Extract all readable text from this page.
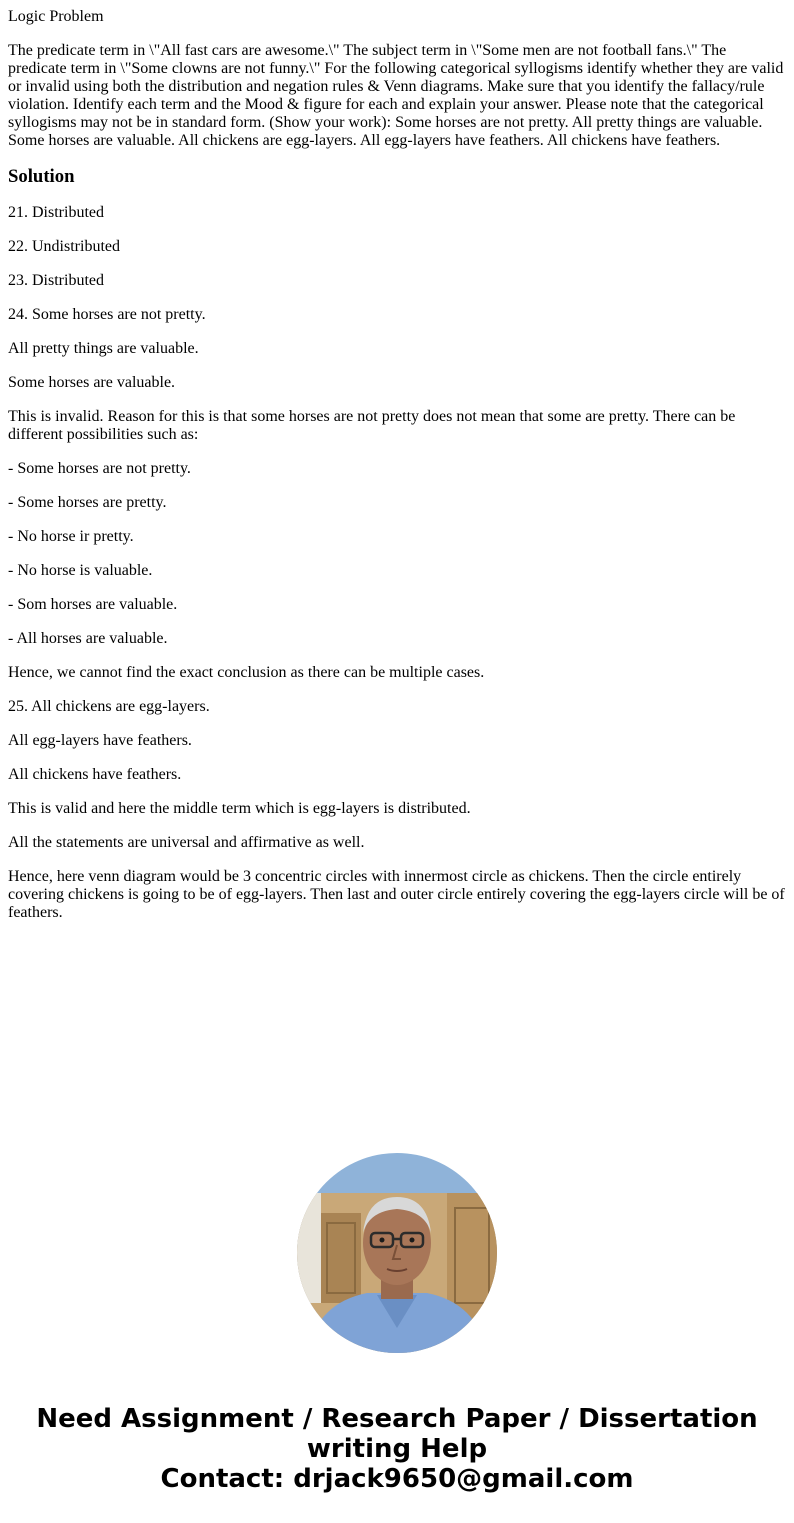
Logic Problem
The predicate term in \"All fast cars are awesome.\" The subject term in \"Some men are not football fans.\" The predicate term in \"Some clowns are not funny.\" For the following categorical syllogisms identify whether they are valid or invalid using both the distribution and negation rules & Venn diagrams. Make sure that you identify the fallacy/rule violation. Identify each term and the Mood & figure for each and explain your answer. Please note that the categorical syllogisms may not be in standard form. (Show your work): Some horses are not pretty. All pretty things are valuable. Some horses are valuable. All chickens are egg-layers. All egg-layers have feathers. All chickens have feathers.
Solution
21. Distributed
22. Undistributed
23. Distributed
24. Some horses are not pretty.
All pretty things are valuable.
Some horses are valuable.
This is invalid. Reason for this is that some horses are not pretty does not mean that some are pretty. There can be different possibilities such as:
- Some horses are not pretty.
- Some horses are pretty.
- No horse ir pretty.
- No horse is valuable.
- Som horses are valuable.
- All horses are valuable.
Hence, we cannot find the exact conclusion as there can be multiple cases.
25. All chickens are egg-layers.
All egg-layers have feathers.
All chickens have feathers.
This is valid and here the middle term which is egg-layers is distributed.
All the statements are universal and affirmative as well.
Hence, here venn diagram would be 3 concentric circles with innermost circle as chickens. Then the circle entirely covering chickens is going to be of egg-layers. Then last and outer circle entirely covering the egg-layers circle will be of feathers.
Need Assignment / Research Paper / Dissertation
writing Help
Contact: drjack9650@gmail.com
